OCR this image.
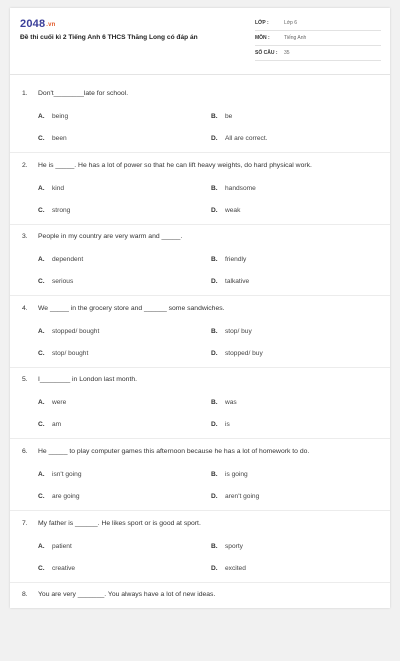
2048.vn
Đề thi cuối kì 2 Tiếng Anh 6 THCS Thăng Long có đáp án
LỚP :	Lớp 6
MÔN :	Tiếng Anh
SỐ CÂU :	35
1. Don't________late for school.
A. being	B. be
C. been	D. All are correct.
2. He is _____. He has a lot of power so that he can lift heavy weights, do hard physical work.
A. kind	B. handsome
C. strong	D. weak
3. People in my country are very warm and _____.
A. dependent	B. friendly
C. serious	D. talkative
4. We _____ in the grocery store and ______ some sandwiches.
A. stopped/ bought	B. stop/ buy
C. stop/ bought	D. stopped/ buy
5. I________ in London last month.
A. were	B. was
C. am	D. is
6. He _____ to play computer games this afternoon because he has a lot of homework to do.
A. isn't going	B. is going
C. are going	D. aren't going
7. My father is ______. He likes sport or is good at sport.
A. patient	B. sporty
C. creative	D. excited
8. You are very _______. You always have a lot of new ideas.
